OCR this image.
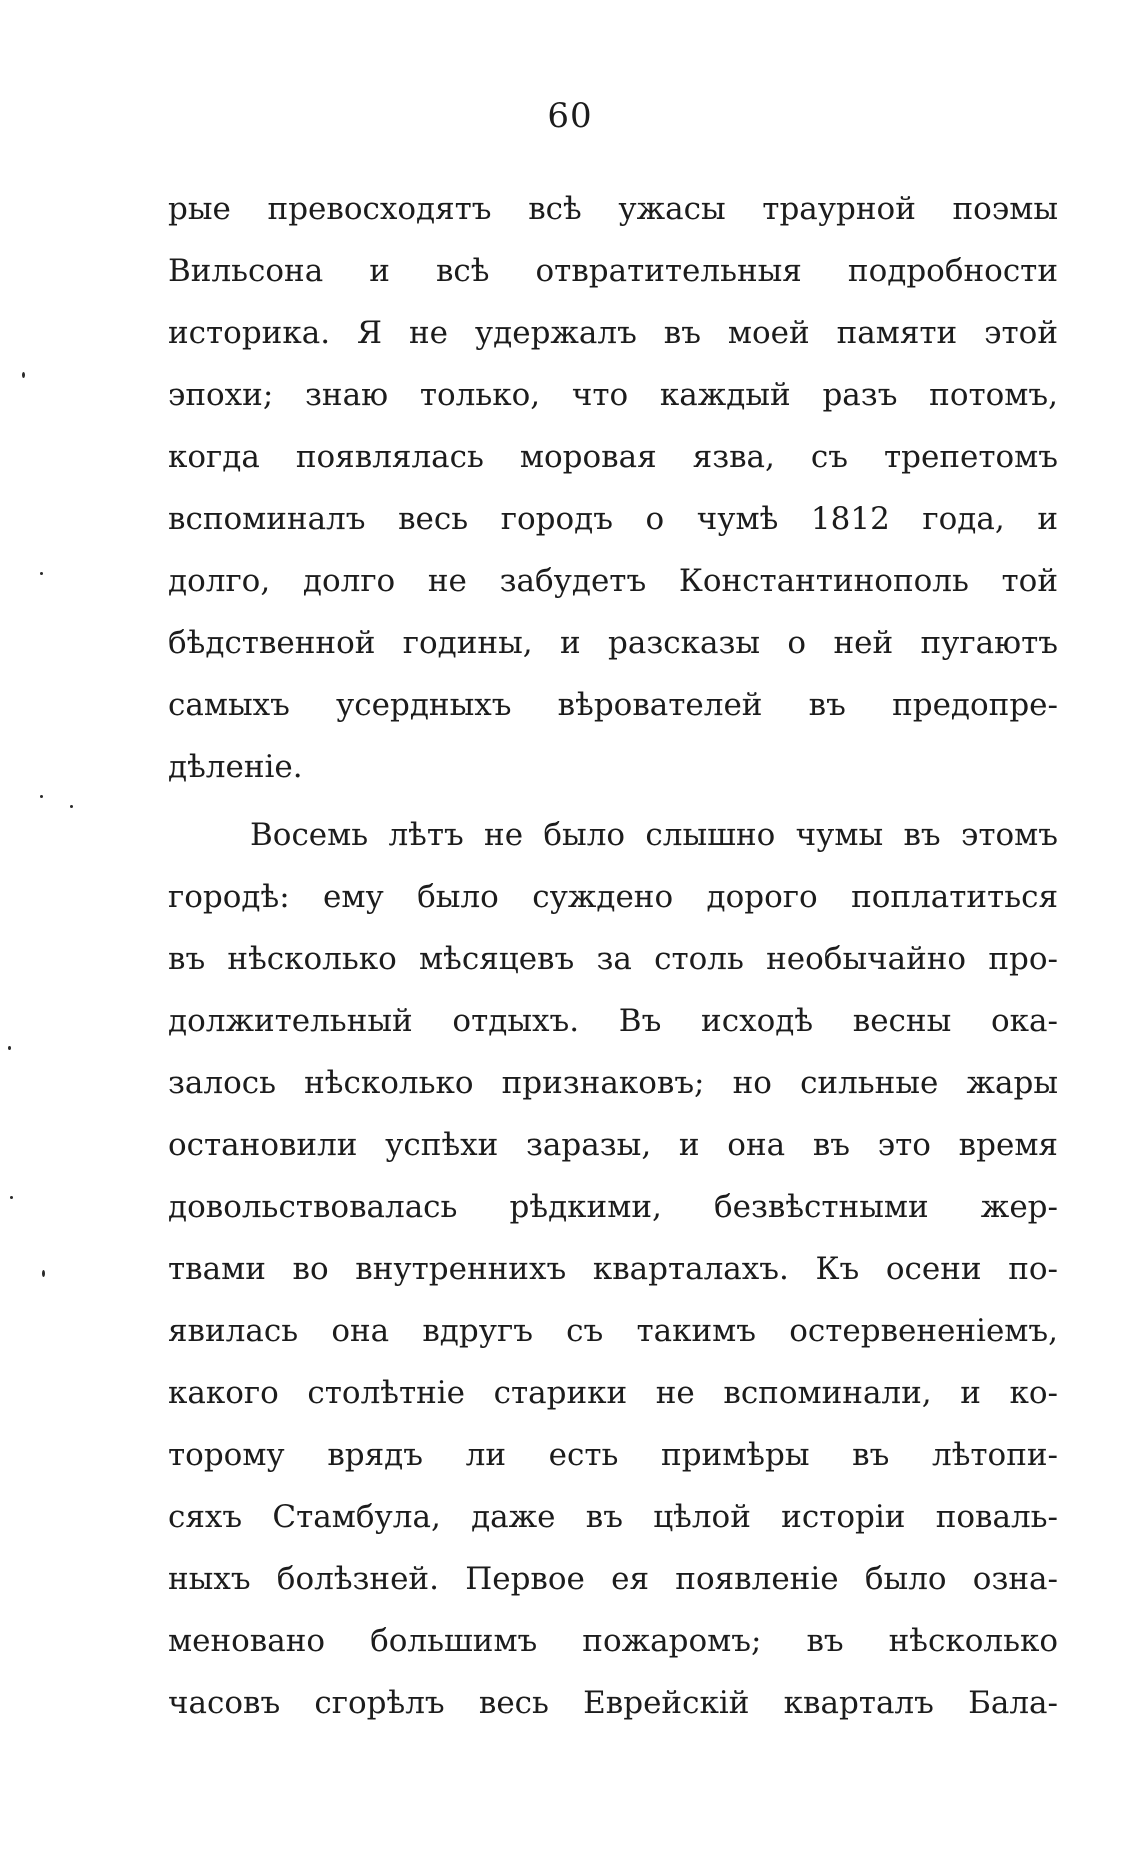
60
рые превосходятъ всѣ ужасы траурной поэмы
Вильсона и всѣ отвратительныя подробности
историка. Я не удержалъ въ моей памяти этой
эпохи; знаю только, что каждый разъ потомъ,
когда появлялась моровая язва, съ трепетомъ
вспоминалъ весь городъ о чумѣ 1812 года, и
долго, долго не забудетъ Константинополь той
бѣдственной годины, и разсказы о ней пугаютъ
самыхъ усердныхъ вѣрователей въ предопре-
дѣленіе.
Восемь лѣтъ не было слышно чумы въ этомъ
городѣ: ему было суждено дорого поплатиться
въ нѣсколько мѣсяцевъ за столь необычайно про-
должительный отдыхъ. Въ исходѣ весны ока-
залось нѣсколько признаковъ; но сильные жары
остановили успѣхи заразы, и она въ это время
довольствовалась рѣдкими, безвѣстными жер-
твами во внутреннихъ кварталахъ. Къ осени по-
явилась она вдругъ съ такимъ остервененіемъ,
какого столѣтніе старики не вспоминали, и ко-
торому врядъ ли есть примѣры въ лѣтопи-
сяхъ Стамбула, даже въ цѣлой исторіи поваль-
ныхъ болѣзней. Первое ея появленіе было озна-
меновано большимъ пожаромъ; въ нѣсколько
часовъ сгорѣлъ весь Еврейскій кварталъ Бала-
